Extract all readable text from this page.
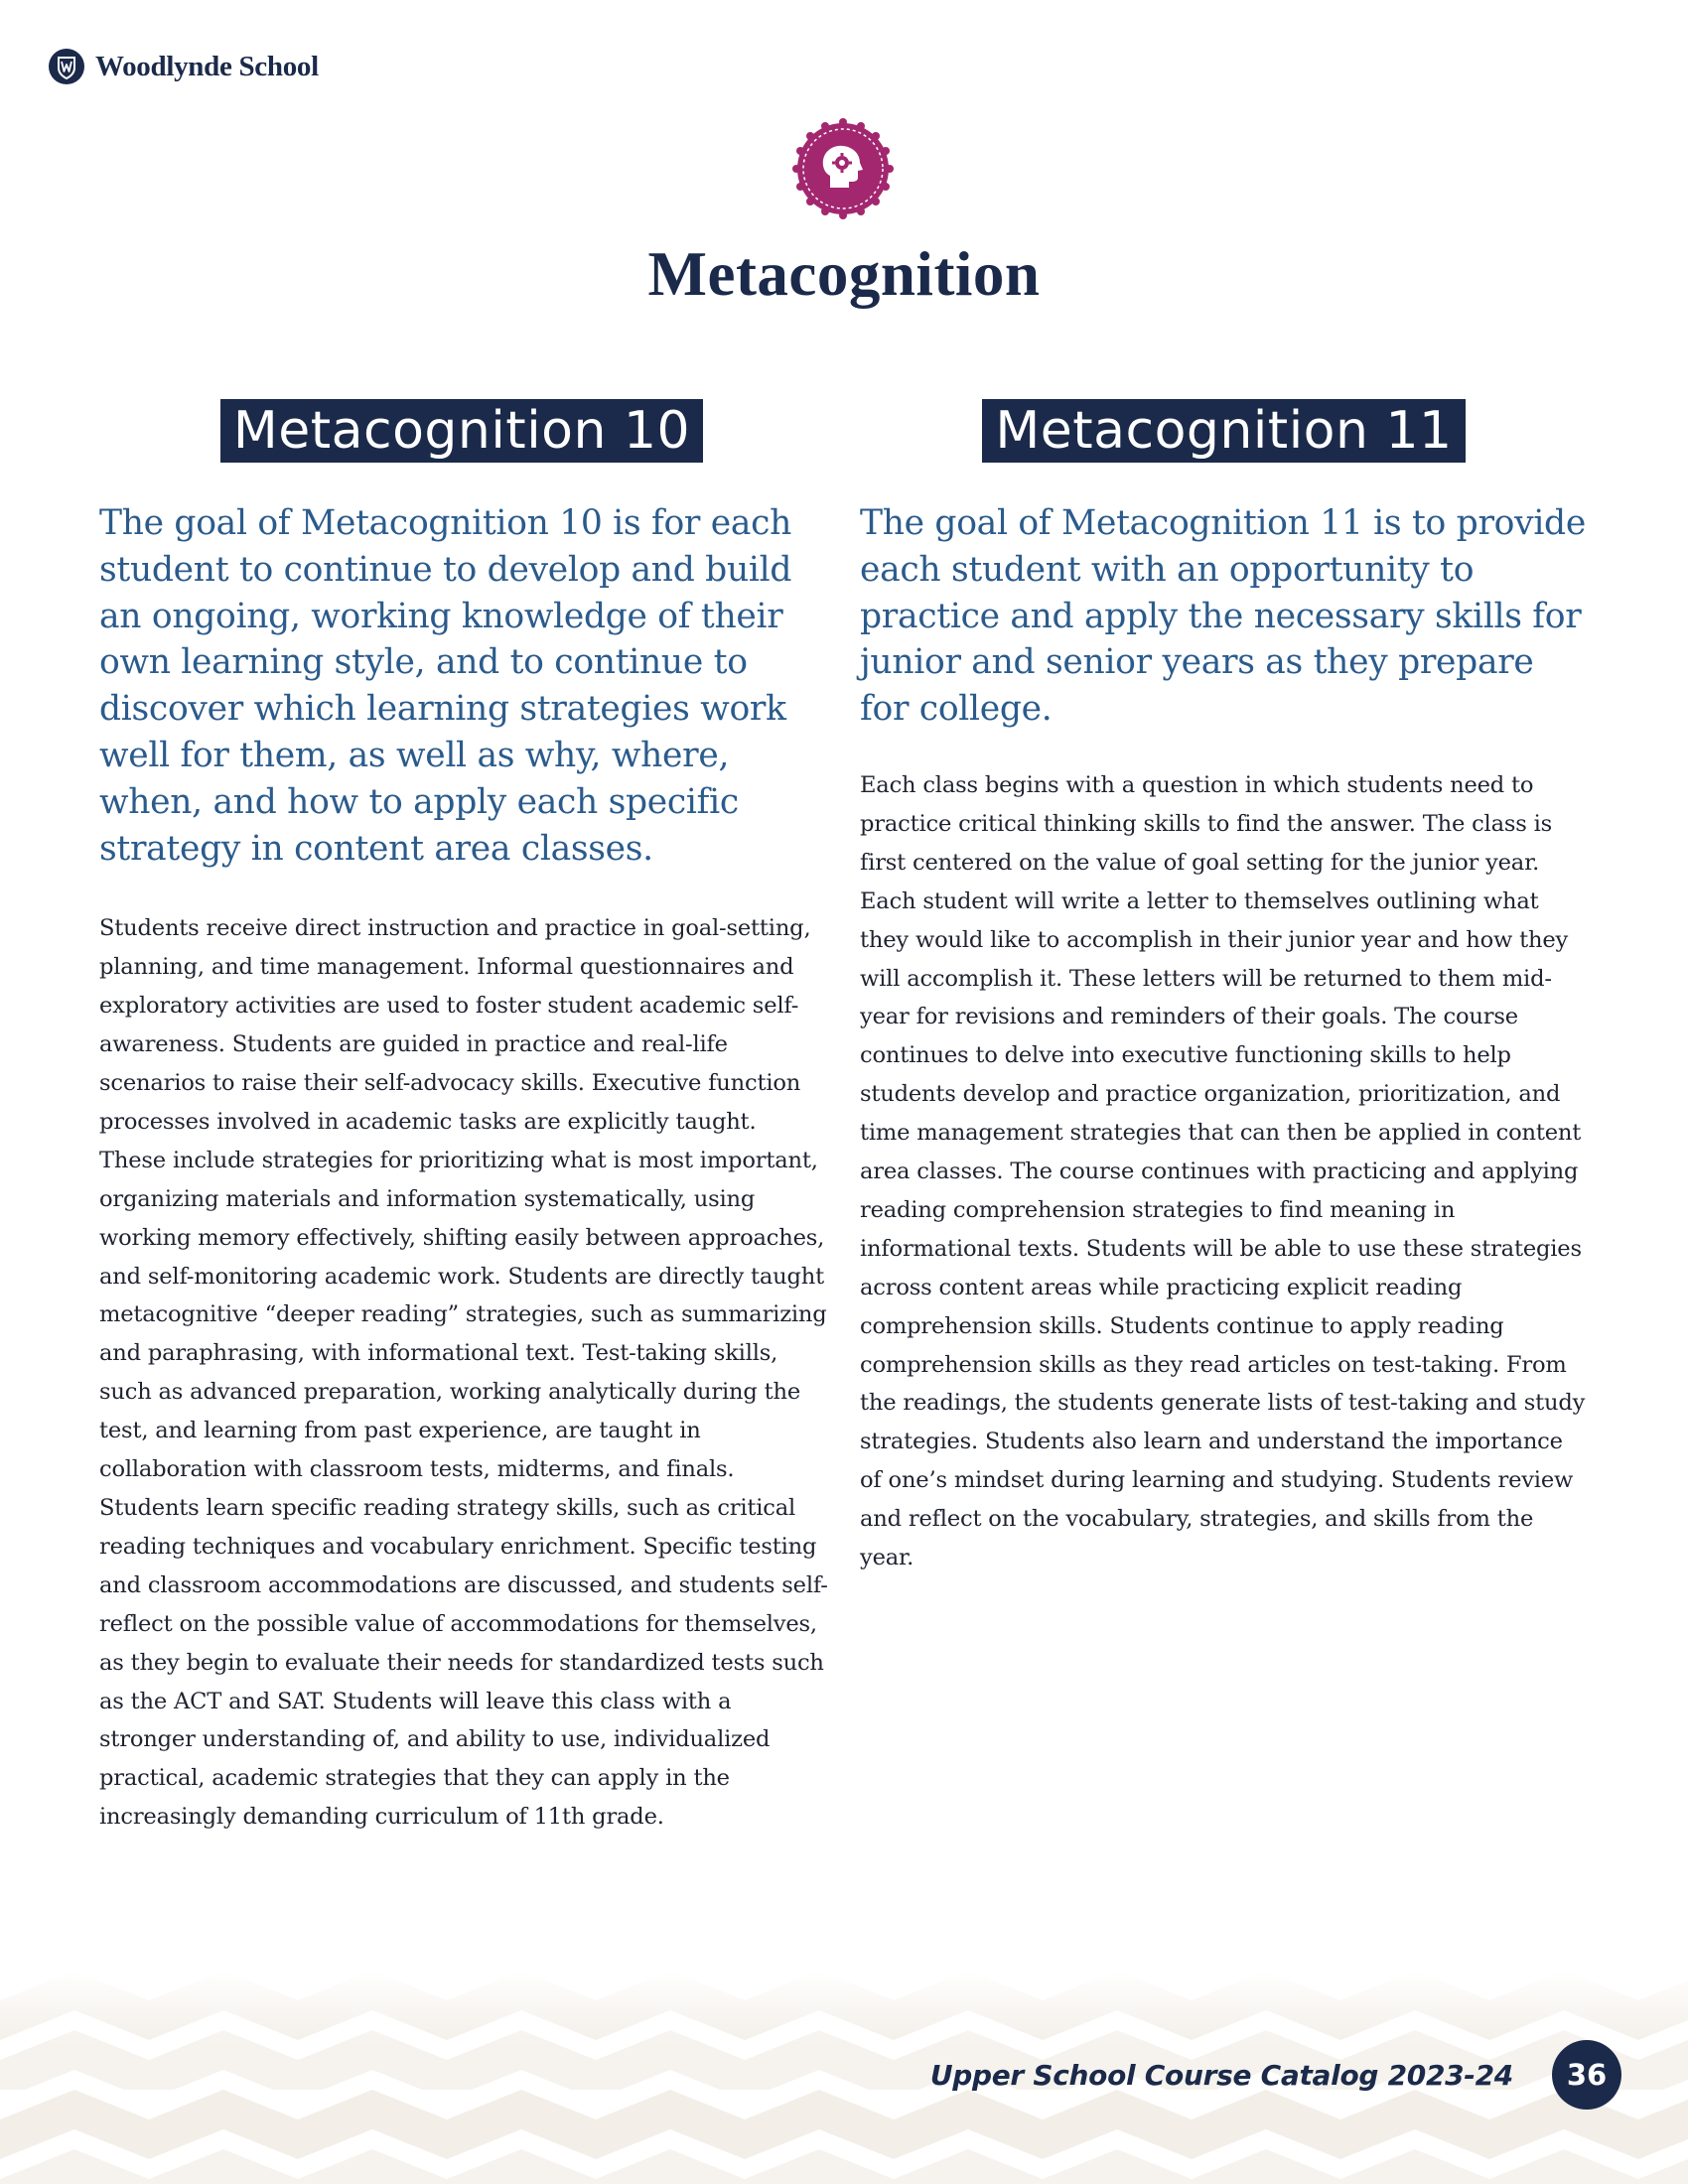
Woodlynde School
Metacognition
Metacognition 10

The goal of Metacognition 10 is for each student to continue to develop and build an ongoing, working knowledge of their own learning style, and to continue to discover which learning strategies work well for them, as well as why, where, when, and how to apply each specific strategy in content area classes.

Students receive direct instruction and practice in goal-setting, planning, and time management. Informal questionnaires and exploratory activities are used to foster student academic self-awareness. Students are guided in practice and real-life scenarios to raise their self-advocacy skills. Executive function processes involved in academic tasks are explicitly taught. These include strategies for prioritizing what is most important, organizing materials and information systematically, using working memory effectively, shifting easily between approaches, and self-monitoring academic work. Students are directly taught metacognitive “deeper reading” strategies, such as summarizing and paraphrasing, with informational text. Test-taking skills, such as advanced preparation, working analytically during the test, and learning from past experience, are taught in collaboration with classroom tests, midterms, and finals. Students learn specific reading strategy skills, such as critical reading techniques and vocabulary enrichment. Specific testing and classroom accommodations are discussed, and students self-reflect on the possible value of accommodations for themselves, as they begin to evaluate their needs for standardized tests such as the ACT and SAT. Students will leave this class with a stronger understanding of, and ability to use, individualized practical, academic strategies that they can apply in the increasingly demanding curriculum of 11th grade.

Metacognition 11

The goal of Metacognition 11 is to provide each student with an opportunity to practice and apply the necessary skills for junior and senior years as they prepare for college.

Each class begins with a question in which students need to practice critical thinking skills to find the answer. The class is first centered on the value of goal setting for the junior year. Each student will write a letter to themselves outlining what they would like to accomplish in their junior year and how they will accomplish it. These letters will be returned to them mid-year for revisions and reminders of their goals. The course continues to delve into executive functioning skills to help students develop and practice organization, prioritization, and time management strategies that can then be applied in content area classes. The course continues with practicing and applying reading comprehension strategies to find meaning in informational texts. Students will be able to use these strategies across content areas while practicing explicit reading comprehension skills. Students continue to apply reading comprehension skills as they read articles on test-taking. From the readings, the students generate lists of test-taking and study strategies. Students also learn and understand the importance of one’s mindset during learning and studying. Students review and reflect on the vocabulary, strategies, and skills from the year.

Upper School Course Catalog 2023-24	36
